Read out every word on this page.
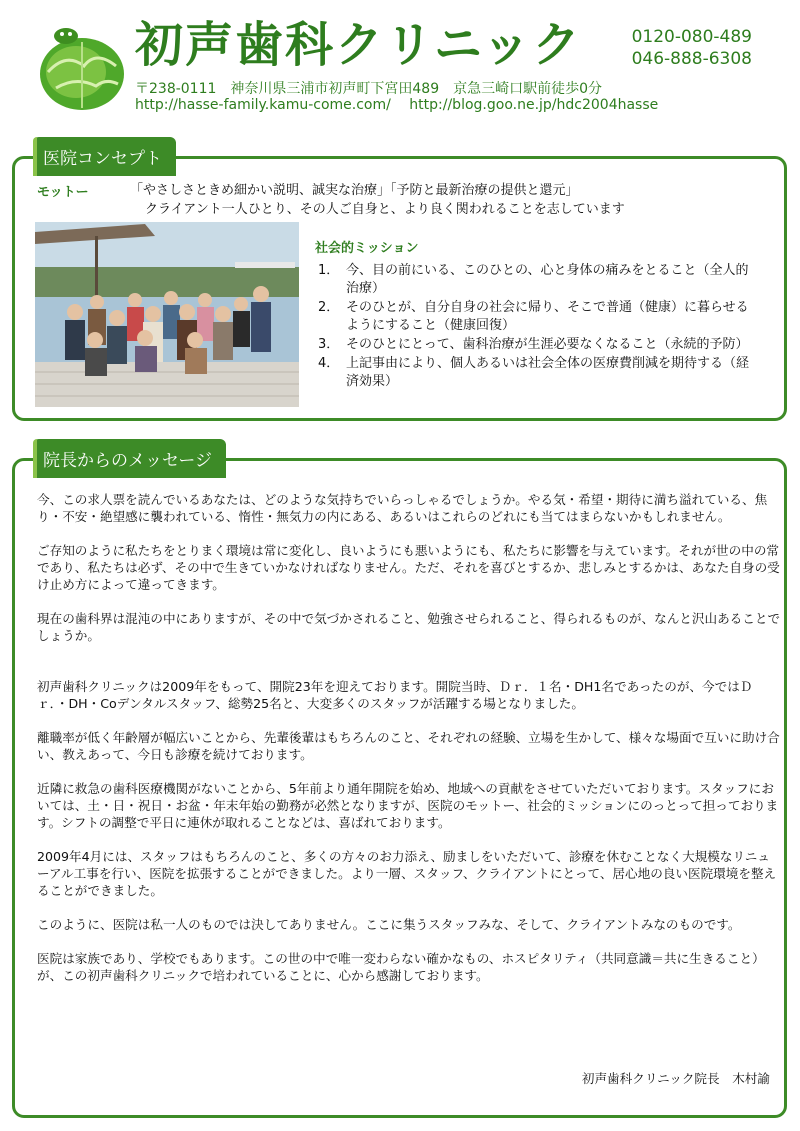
初声歯科クリニック	0120-080-489
046-888-6308
〒238-0111　神奈川県三浦市初声町下宮田489　京急三崎口駅前徒歩0分
http://hasse-family.kamu-come.com/ http://blog.goo.ne.jp/hdc2004hasse
医院コンセプト
モットー	「やさしさときめ細かい説明、誠実な治療」「予防と最新治療の提供と還元」
クライアント一人ひとり、その人ご自身と、より良く関われることを志しています
社会的ミッション
1． 今、目の前にいる、このひとの、心と身体の痛みをとること（全人的治療）
2． そのひとが、自分自身の社会に帰り、そこで普通（健康）に暮らせるようにすること（健康回復）
3． そのひとにとって、歯科治療が生涯必要なくなること（永続的予防）
4． 上記事由により、個人あるいは社会全体の医療費削減を期待する（経済効果）
院長からのメッセージ

今、この求人票を読んでいるあなたは、どのような気持ちでいらっしゃるでしょうか。やる気・希望・期待に満ち溢れている、焦り・不安・絶望感に襲われている、惰性・無気力の内にある、あるいはこれらのどれにも当てはまらないかもしれません。

ご存知のように私たちをとりまく環境は常に変化し、良いようにも悪いようにも、私たちに影響を与えています。それが世の中の常であり、私たちは必ず、その中で生きていかなければなりません。ただ、それを喜びとするか、悲しみとするかは、あなた自身の受け止め方によって違ってきます。

現在の歯科界は混沌の中にありますが、その中で気づかされること、勉強させられること、得られるものが、なんと沢山あることでしょうか。

初声歯科クリニックは2009年をもって、開院23年を迎えております。開院当時、Ｄｒ．１名・DH1名であったのが、今ではＤｒ．・DH・Coデンタルスタッフ、総勢25名と、大変多くのスタッフが活躍する場となりました。

離職率が低く年齢層が幅広いことから、先輩後輩はもちろんのこと、それぞれの経験、立場を生かして、様々な場面で互いに助け合い、教えあって、今日も診療を続けております。

近隣に救急の歯科医療機関がないことから、5年前より通年開院を始め、地域への貢献をさせていただいております。スタッフにおいては、土・日・祝日・お盆・年末年始の勤務が必然となりますが、医院のモットー、社会的ミッションにのっとって担っております。シフトの調整で平日に連休が取れることなどは、喜ばれております。

2009年4月には、スタッフはもちろんのこと、多くの方々のお力添え、励ましをいただいて、診療を休むことなく大規模なリニューアル工事を行い、医院を拡張することができました。より一層、スタッフ、クライアントにとって、居心地の良い医院環境を整えることができました。

このように、医院は私一人のものでは決してありません。ここに集うスタッフみな、そして、クライアントみなのものです。

医院は家族であり、学校でもあります。この世の中で唯一変わらない確かなもの、ホスピタリティ（共同意識＝共に生きること）が、この初声歯科クリニックで培われていることに、心から感謝しております。

初声歯科クリニック院長　木村諭
